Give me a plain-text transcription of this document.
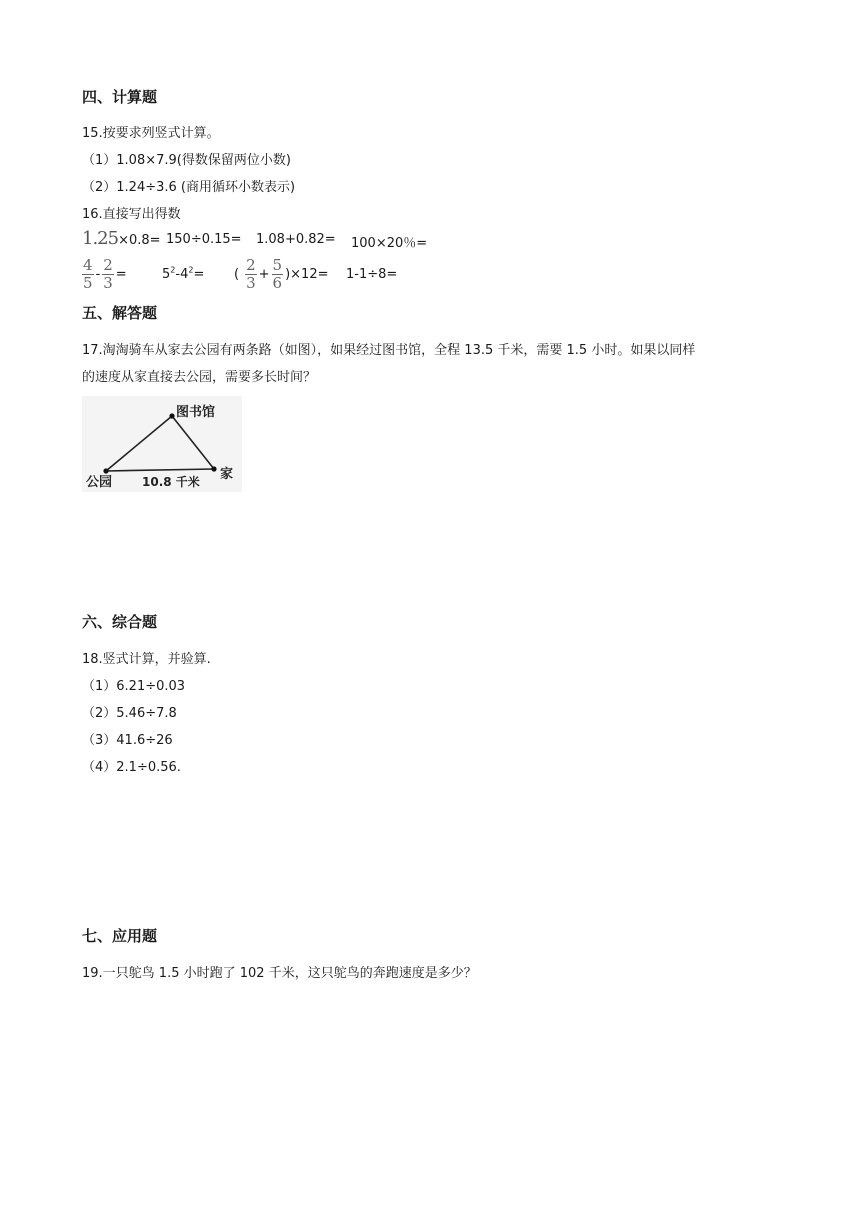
四、计算题
15.按要求列竖式计算。
（1）1.08×7.9(得数保留两位小数)
（2）1.24÷3.6 (商用循环小数表示)
16.直接写出得数
1.25×0.8= 150÷0.15= 1.08+0.82= 100×20％=
$\frac{4}{5} - \frac{2}{3}$ =	$5^2-4^2=$ ( $\frac{2}{3} + \frac{5}{6} )\times 12= 1-1\div 8=$
五、解答题
17.淘淘骑车从家去公园有两条路（如图），如果经过图书馆，全程 13.5 千米，需要 1.5 小时。如果以同样
的速度从家直接去公园，需要多长时间？
图书馆
公园
家
10.8 千米
六、综合题
18.竖式计算，并验算.
（1）6.21÷0.03
（2）5.46÷7.8
（3）41.6÷26
（4）2.1÷0.56.
七、应用题
19.一只鸵鸟 1.5 小时跑了 102 千米，这只鸵鸟的奔跑速度是多少？
